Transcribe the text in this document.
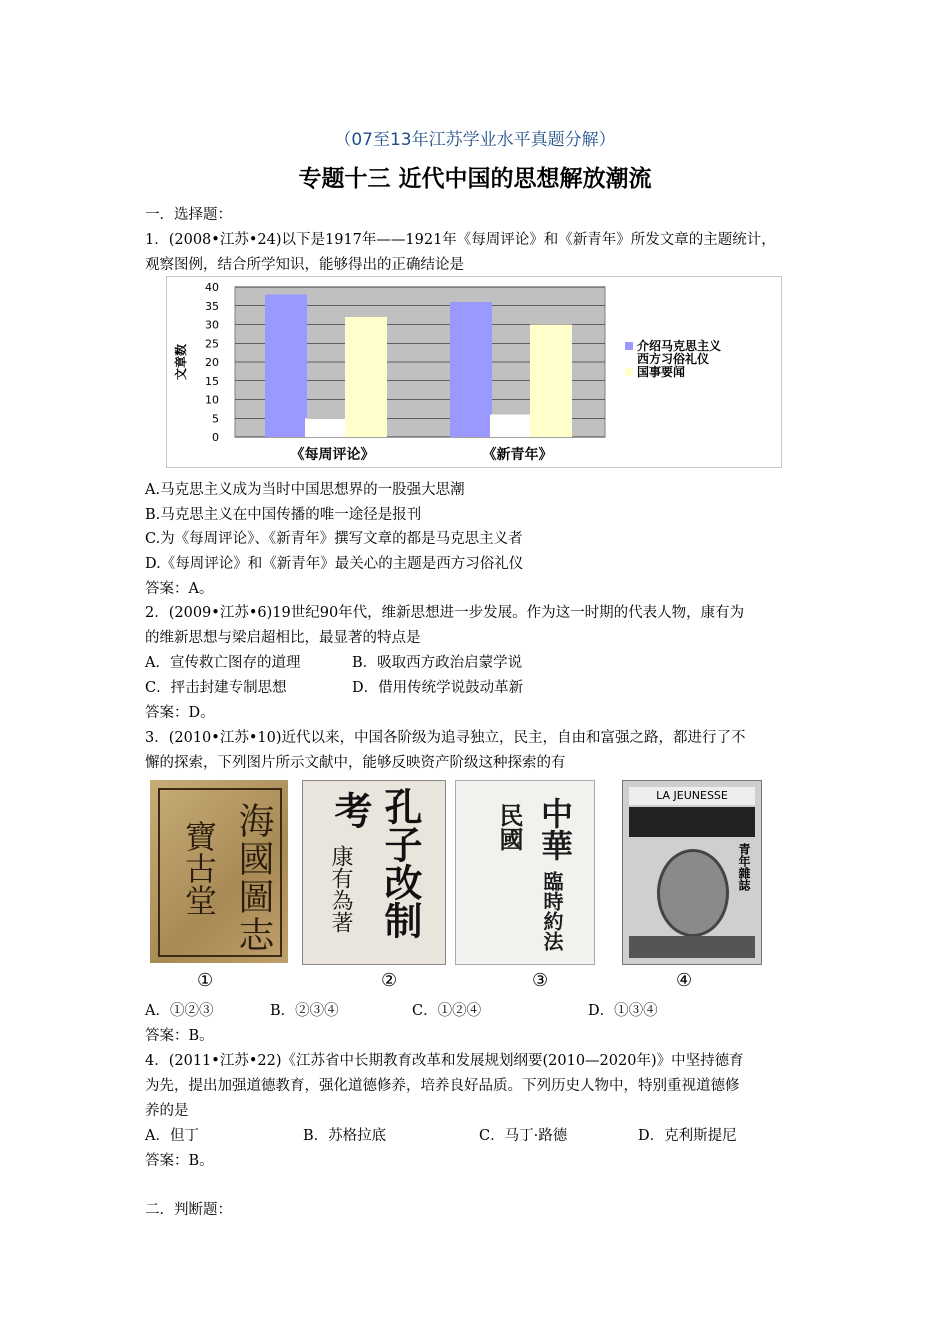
（07至13年江苏学业水平真题分解）
专题十三 近代中国的思想解放潮流
一．选择题：
1．(2008•江苏•24)以下是1917年——1921年《每周评论》和《新青年》所发文章的主题统计，
观察图例，结合所学知识，能够得出的正确结论是
0
5
10
15
20
25
30
35
40
文章数
《每周评论》	《新青年》
介绍马克思主义
西方习俗礼仪
国事要闻
A.马克思主义成为当时中国思想界的一股强大思潮
B.马克思主义在中国传播的唯一途径是报刊
C.为《每周评论》、《新青年》撰写文章的都是马克思主义者
D.《每周评论》和《新青年》最关心的主题是西方习俗礼仪
答案：A。
2．(2009•江苏•6)19世纪90年代，维新思想进一步发展。作为这一时期的代表人物，康有为
的维新思想与梁启超相比，最显著的特点是
A．宣传救亡图存的道理	B．吸取西方政治启蒙学说
C．抨击封建专制思想	D．借用传统学说鼓动革新
答案：D。
3．(2010•江苏•10)近代以来，中国各阶级为追寻独立，民主，自由和富强之路，都进行了不
懈的探索，下列图片所示文献中，能够反映资产阶级这种探索的有
海國圖志
寶古堂	孔子改制
考
康有為著
中華
民國
臨時約法
LA JEUNESSE
青年雜誌
①	②	③	④
A．①②③	B．②③④	C．①②④	D．①③④
答案：B。
4．(2011•江苏•22)《江苏省中长期教育改革和发展规划纲要(2010—2020年)》中坚持德育
为先，提出加强道德教育，强化道德修养，培养良好品质。下列历史人物中，特别重视道德修
养的是
A．但丁	B．苏格拉底	C．马丁·路德	D．克利斯提尼
答案：B。
二．判断题：
